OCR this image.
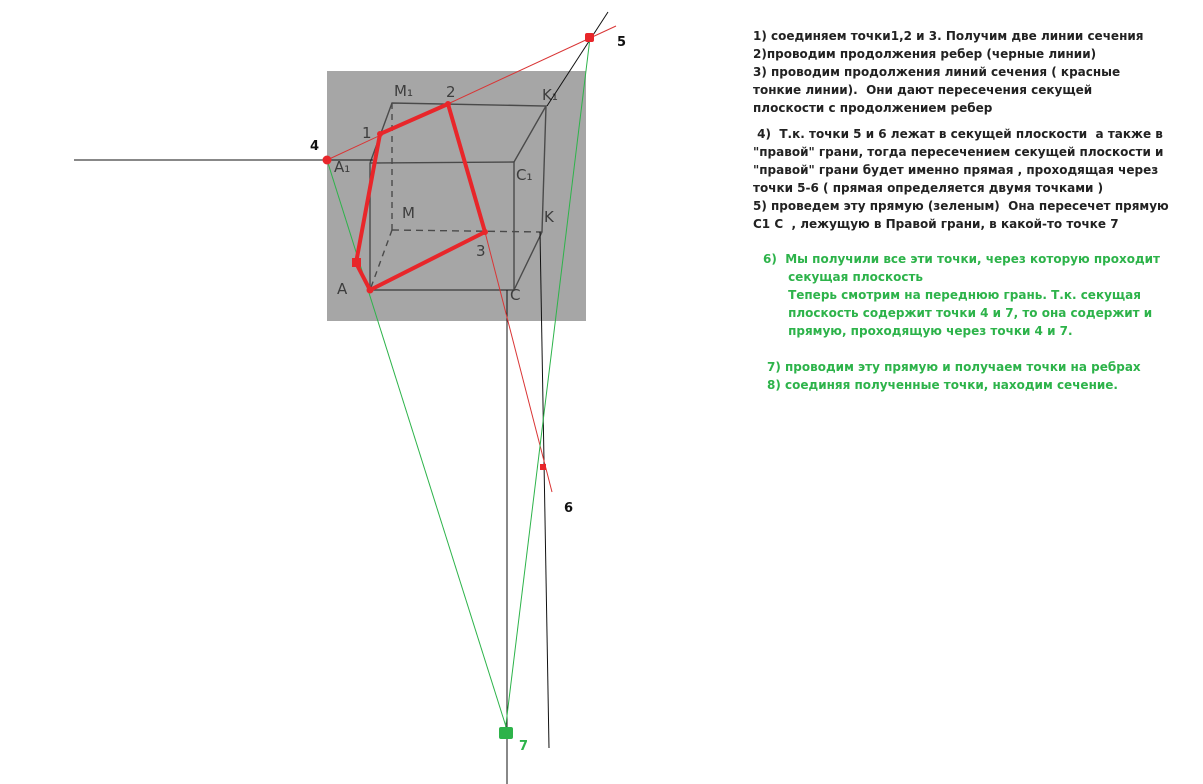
M₁ 2	K₁
1
A₁	C₁
M	K
3
A	C
4
5
6
7

1) соединяем точки1,2 и 3. Получим две линии сечения
2)проводим продолжения ребер (черные линии)
3) проводим продолжения линий сечения ( красные
тонкие линии).  Они дают пересечения секущей
плоскости с продолжением ребер

4)  Т.к. точки 5 и 6 лежат в секущей плоскости  а также в
"правой" грани, тогда пересечением секущей плоскости и
"правой" грани будет именно прямая , проходящая через
точки 5-6 ( прямая определяется двумя точками )
5) проведем эту прямую (зеленым)  Она пересечет прямую
С1 С  , лежущую в Правой грани, в какой-то точке 7

6)  Мы получили все эти точки, через которую проходит
секущая плоскость
Теперь смотрим на переднюю грань. Т.к. секущая
плоскость содержит точки 4 и 7, то она содержит и
прямую, проходящую через точки 4 и 7.

7) проводим эту прямую и получаем точки на ребрах
8) соединяя полученные точки, находим сечение.
